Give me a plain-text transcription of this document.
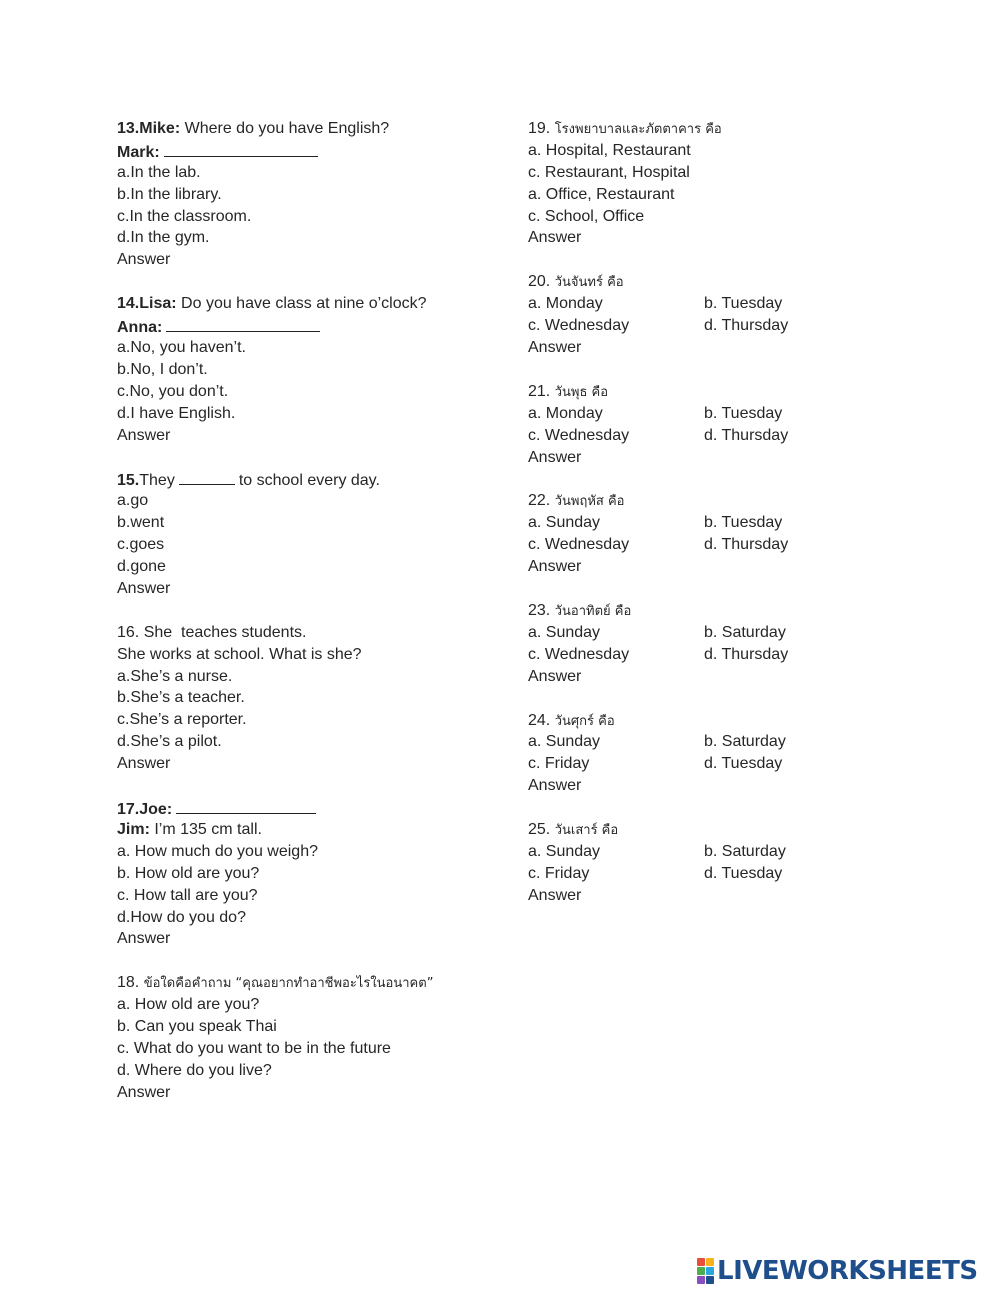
13.Mike: Where do you have English?
Mark:
a.In the lab.
b.In the library.
c.In the classroom.
d.In the gym.
Answer
14.Lisa: Do you have class at nine o’clock?
Anna:
a.No, you haven’t.
b.No, I don’t.
c.No, you don’t.
d.I have English.
Answer
15.They	to school every day.
a.go
b.went
c.goes
d.gone
Answer
16. She  teaches students.
She works at school. What is she?
a.She’s a nurse.
b.She’s a teacher.
c.She’s a reporter.
d.She’s a pilot.
Answer
17.Joe:
Jim: I’m 135 cm tall.
a. How much do you weigh?
b. How old are you?
c. How tall are you?
d.How do you do?
Answer
18. ข้อใดคือคำถาม “คุณอยากทำอาชีพอะไรในอนาคต”
a. How old are you?
b. Can you speak Thai
c. What do you want to be in the future
d. Where do you live?
Answer
19. โรงพยาบาลและภัตตาคาร คือ
a. Hospital, Restaurant
c. Restaurant, Hospital
a. Office, Restaurant
c. School, Office
Answer
20. วันจันทร์ คือ
a. Monday	b. Tuesday
c. Wednesday	d. Thursday
Answer
21. วันพุธ คือ
a. Monday	b. Tuesday
c. Wednesday	d. Thursday
Answer
22. วันพฤหัส คือ
a. Sunday	b. Tuesday
c. Wednesday	d. Thursday
Answer
23. วันอาทิตย์ คือ
a. Sunday	b. Saturday
c. Wednesday	d. Thursday
Answer
24. วันศุกร์ คือ
a. Sunday	b. Saturday
c. Friday	d. Tuesday
Answer
25. วันเสาร์ คือ
a. Sunday	b. Saturday
c. Friday	d. Tuesday
Answer
LIVEWORKSHEETS
